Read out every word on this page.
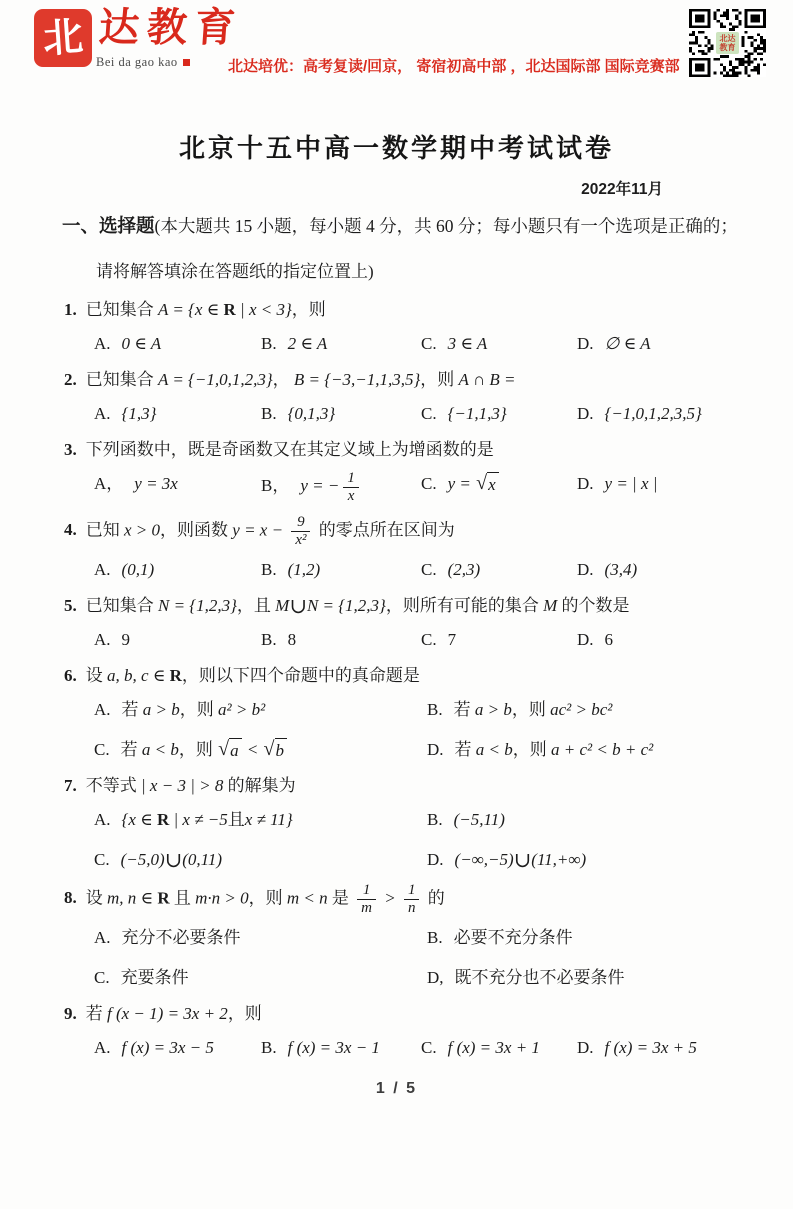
北 达教育
Bei da gao kao	北达培优：高考复读/回京， 寄宿初高中部 ，北达国际部 国际竞赛部
北达
教育
北京十五中高一数学期中考试试卷
2022年11月
一、选择题(本大题共 15 小题，每小题 4 分，共 60 分；每小题只有一个选项是正确的；
请将解答填涂在答题纸的指定位置上)
1. 已知集合 A = {x ∈ R | x < 3}，则
A. 0 ∈ A	B. 2 ∈ A	C. 3 ∈ A	D. ∅ ∈ A
2. 已知集合 A = {−1,0,1,2,3}， B = {−3,−1,1,3,5}，则 A ∩ B =
A. {1,3}	B. {0,1,3}	C. {−1,1,3}	D. {−1,0,1,2,3,5}
3. 下列函数中，既是奇函数又在其定义域上为增函数的是
A， y = 3x	B， y = − $\frac{1}{x}$	C. y = √ x	D. y = | x |
4. 已知 x > 0，则函数 $y = x - \frac{9}{\text{x²}}$ 的零点所在区间为
A. (0,1)	B. (1,2)	C. (2,3)	D. (3,4)
5. 已知集合 N = {1,2,3}，且 M∪N = {1,2,3}，则所有可能的集合 M 的个数是
A. 9	B. 8	C. 7	D. 6
6. 设 a, b, c ∈ R，则以下四个命题中的真命题是
A. 若 a > b，则 a² > b²	B. 若 a > b，则 ac² > bc²
C. 若 a < b，则 √ a < √ b	D. 若 a < b，则 a + c² < b + c²
7. 不等式 | x − 3 | > 8 的解集为
A. {x ∈ R | x ≠ −5且x ≠ 11}	B. (−5,11)
C. (−5,0)∪(0,11)	D. (−∞,−5)∪(11,+∞)
8. 设 m, n ∈ R 且 m·n > 0，则 m < n 是 $\frac{1}{m} > \frac{1}{n}$ 的
A. 充分不必要条件	B. 必要不充分条件
C. 充要条件	D, 既不充分也不必要条件
9. 若 f (x − 1) = 3x + 2，则
A. f (x) = 3x − 5	B. f (x) = 3x − 1	C. f (x) = 3x + 1	D. f (x) = 3x + 5
1 / 5
